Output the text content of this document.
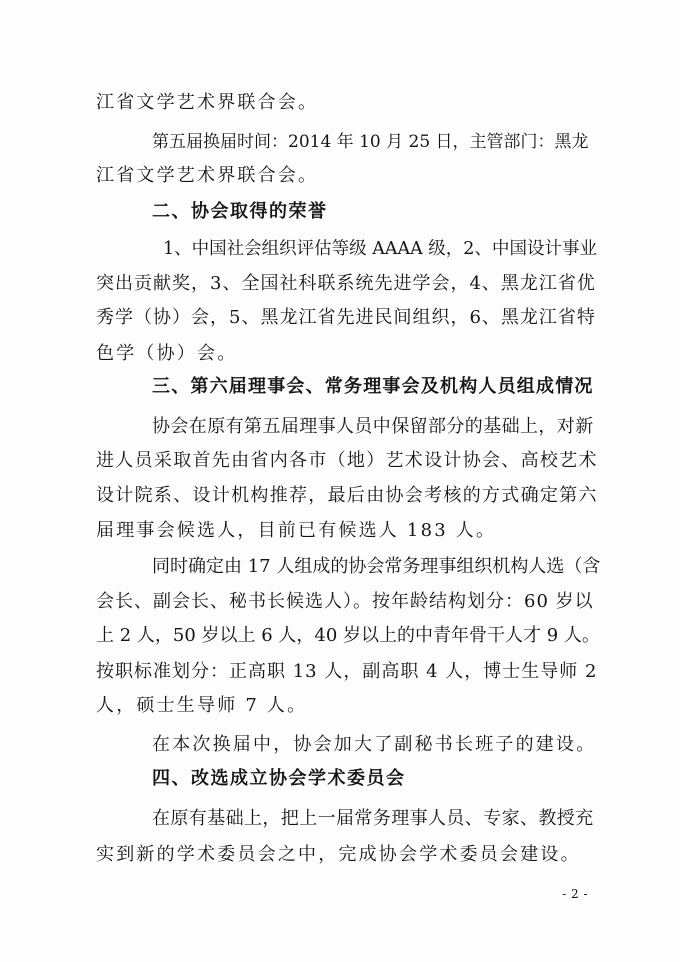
江省文学艺术界联合会。
第五届换届时间：2014 年 10 月 25 日，主管部门：黑龙
江省文学艺术界联合会。
二、协会取得的荣誉
1、中国社会组织评估等级 AAAA 级，2、中国设计事业
突出贡献奖，3、全国社科联系统先进学会，4、黑龙江省优
秀学（协）会，5、黑龙江省先进民间组织，6、黑龙江省特
色学（协）会。
三、第六届理事会、常务理事会及机构人员组成情况
协会在原有第五届理事人员中保留部分的基础上，对新
进人员采取首先由省内各市（地）艺术设计协会、高校艺术
设计院系、设计机构推荐，最后由协会考核的方式确定第六
届理事会候选人，目前已有候选人 183 人。
同时确定由 17 人组成的协会常务理事组织机构人选（含
会长、副会长、秘书长候选人）。按年龄结构划分：60 岁以
上 2 人，50 岁以上 6 人，40 岁以上的中青年骨干人才 9 人。
按职标准划分：正高职 13 人，副高职 4 人，博士生导师 2
人，硕士生导师 7 人。
在本次换届中，协会加大了副秘书长班子的建设。
四、改选成立协会学术委员会
在原有基础上，把上一届常务理事人员、专家、教授充
实到新的学术委员会之中，完成协会学术委员会建设。
- 2 -
